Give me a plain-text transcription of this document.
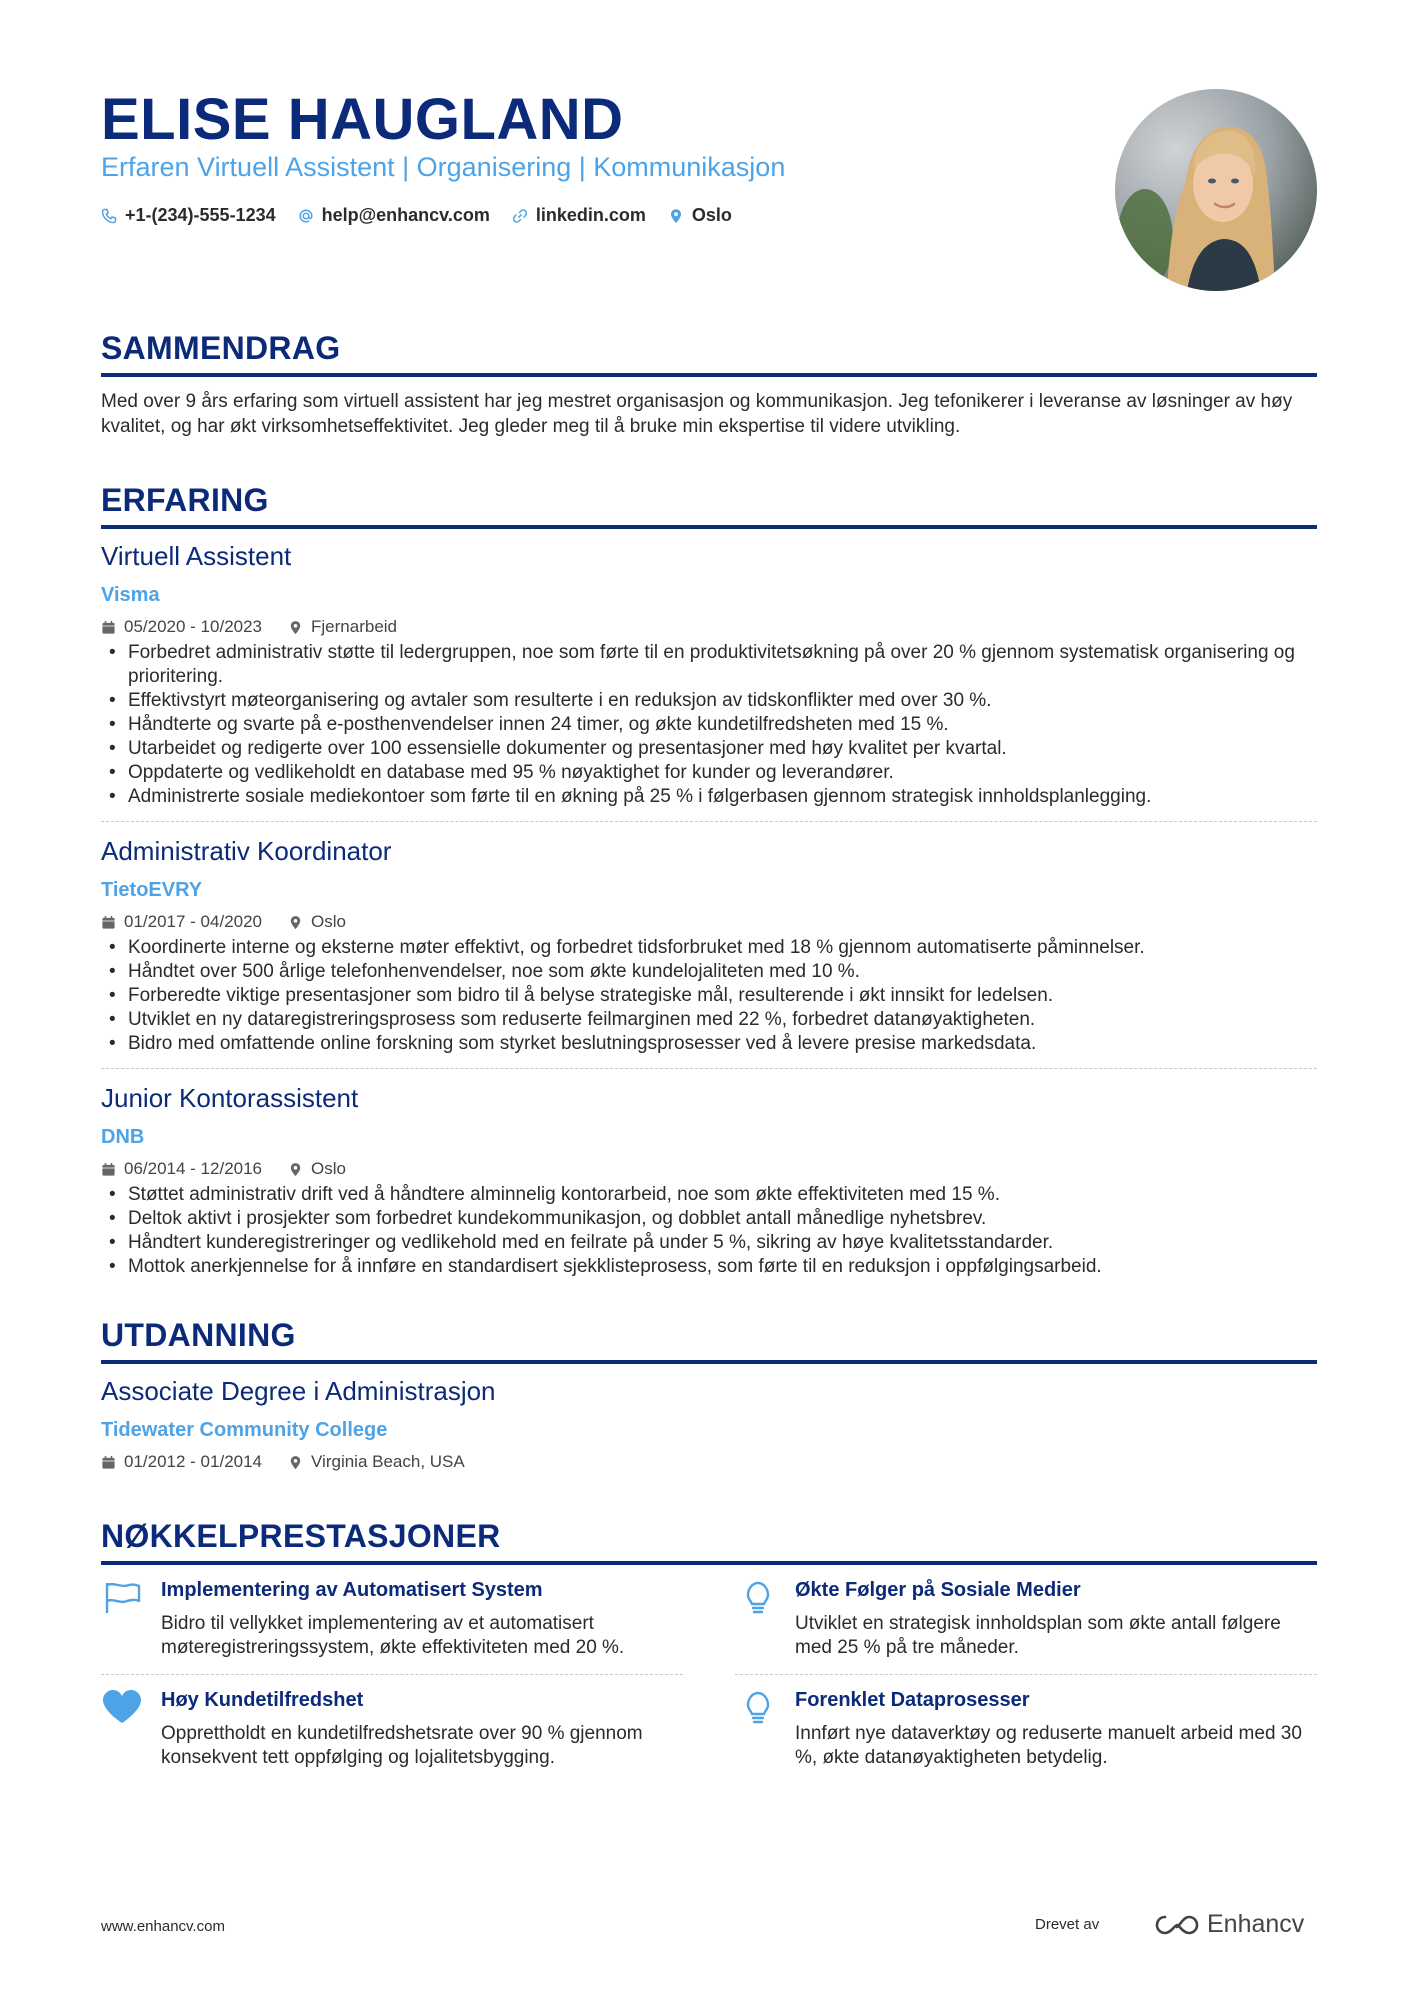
ELISE HAUGLAND
Erfaren Virtuell Assistent | Organisering | Kommunikasjon
+1-(234)-555-1234	help@enhancv.com	linkedin.com	Oslo
SAMMENDRAG

Med over 9 års erfaring som virtuell assistent har jeg mestret organisasjon og kommunikasjon. Jeg tefonikerer i leveranse av løsninger av høy kvalitet, og har økt virksomhetseffektivitet. Jeg gleder meg til å bruke min ekspertise til videre utvikling.

ERFARING
Virtuell Assistent
Visma
05/2020 - 10/2023	Fjernarbeid
• Forbedret administrativ støtte til ledergruppen, noe som førte til en produktivitetsøkning på over 20 % gjennom systematisk organisering og prioritering.
• Effektivstyrt møteorganisering og avtaler som resulterte i en reduksjon av tidskonflikter med over 30 %.
• Håndterte og svarte på e-posthenvendelser innen 24 timer, og økte kundetilfredsheten med 15 %.
• Utarbeidet og redigerte over 100 essensielle dokumenter og presentasjoner med høy kvalitet per kvartal.
• Oppdaterte og vedlikeholdt en database med 95 % nøyaktighet for kunder og leverandører.
• Administrerte sosiale mediekontoer som førte til en økning på 25 % i følgerbasen gjennom strategisk innholdsplanlegging.
Administrativ Koordinator
TietoEVRY
01/2017 - 04/2020	Oslo
• Koordinerte interne og eksterne møter effektivt, og forbedret tidsforbruket med 18 % gjennom automatiserte påminnelser.
• Håndtet over 500 årlige telefonhenvendelser, noe som økte kundelojaliteten med 10 %.
• Forberedte viktige presentasjoner som bidro til å belyse strategiske mål, resulterende i økt innsikt for ledelsen.
• Utviklet en ny dataregistreringsprosess som reduserte feilmarginen med 22 %, forbedret datanøyaktigheten.
• Bidro med omfattende online forskning som styrket beslutningsprosesser ved å levere presise markedsdata.
Junior Kontorassistent
DNB
06/2014 - 12/2016	Oslo
• Støttet administrativ drift ved å håndtere alminnelig kontorarbeid, noe som økte effektiviteten med 15 %.
• Deltok aktivt i prosjekter som forbedret kundekommunikasjon, og dobblet antall månedlige nyhetsbrev.
• Håndtert kunderegistreringer og vedlikehold med en feilrate på under 5 %, sikring av høye kvalitetsstandarder.
• Mottok anerkjennelse for å innføre en standardisert sjekklisteprosess, som førte til en reduksjon i oppfølgingsarbeid.
UTDANNING
Associate Degree i Administrasjon
Tidewater Community College
01/2012 - 01/2014	Virginia Beach, USA
NØKKELPRESTASJONER
Implementering av Automatisert System
Bidro til vellykket implementering av et automatisert møteregistreringssystem, økte effektiviteten med 20 %.
Økte Følger på Sosiale Medier
Utviklet en strategisk innholdsplan som økte antall følgere med 25 % på tre måneder.
Høy Kundetilfredshet
Opprettholdt en kundetilfredshetsrate over 90 % gjennom konsekvent tett oppfølging og lojalitetsbygging.
Forenklet Dataprosesser
Innført nye dataverktøy og reduserte manuelt arbeid med 30 %, økte datanøyaktigheten betydelig.
www.enhancv.com	Drevet av	Enhancv
